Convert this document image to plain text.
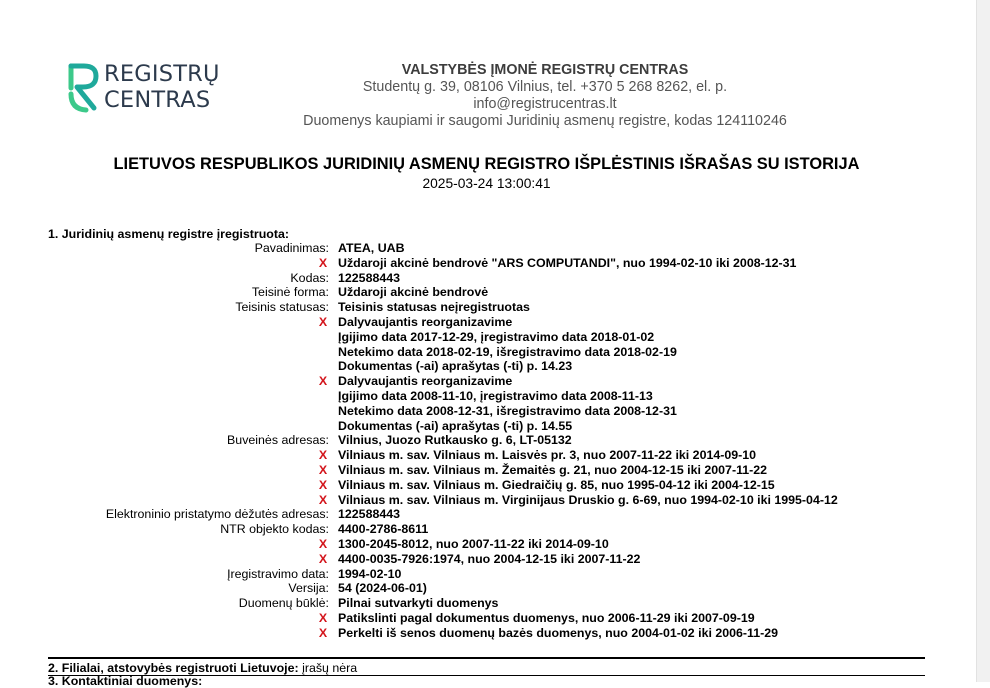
REGISTRŲ
CENTRAS
VALSTYBĖS ĮMONĖ REGISTRŲ CENTRAS
Studentų g. 39, 08106 Vilnius, tel. +370 5 268 8262, el. p. info@registrucentras.lt
Duomenys kaupiami ir saugomi Juridinių asmenų registre, kodas 124110246
LIETUVOS RESPUBLIKOS JURIDINIŲ ASMENŲ REGISTRO IŠPLĖSTINIS IŠRAŠAS SU ISTORIJA
2025-03-24 13:00:41
1. Juridinių asmenų registre įregistruota:
Pavadinimas: ATEA, UAB
X Uždaroji akcinė bendrovė "ARS COMPUTANDI", nuo 1994-02-10 iki 2008-12-31
Kodas: 122588443
Teisinė forma: Uždaroji akcinė bendrovė
Teisinis statusas: Teisinis statusas neįregistruotas
X Dalyvaujantis reorganizavime
Įgijimo data 2017-12-29, įregistravimo data 2018-01-02
Netekimo data 2018-02-19, išregistravimo data 2018-02-19
Dokumentas (-ai) aprašytas (-ti) p. 14.23
X Dalyvaujantis reorganizavime
Įgijimo data 2008-11-10, įregistravimo data 2008-11-13
Netekimo data 2008-12-31, išregistravimo data 2008-12-31
Dokumentas (-ai) aprašytas (-ti) p. 14.55
Buveinės adresas: Vilnius, Juozo Rutkausko g. 6, LT-05132
X Vilniaus m. sav. Vilniaus m. Laisvės pr. 3, nuo 2007-11-22 iki 2014-09-10
X Vilniaus m. sav. Vilniaus m. Žemaitės g. 21, nuo 2004-12-15 iki 2007-11-22
X Vilniaus m. sav. Vilniaus m. Giedraičių g. 85, nuo 1995-04-12 iki 2004-12-15
X Vilniaus m. sav. Vilniaus m. Virginijaus Druskio g. 6-69, nuo 1994-02-10 iki 1995-04-12
Elektroninio pristatymo dėžutės adresas: 122588443
NTR objekto kodas: 4400-2786-8611
X 1300-2045-8012, nuo 2007-11-22 iki 2014-09-10
X 4400-0035-7926:1974, nuo 2004-12-15 iki 2007-11-22
Įregistravimo data: 1994-02-10
Versija: 54 (2024-06-01)
Duomenų būklė: Pilnai sutvarkyti duomenys
X Patikslinti pagal dokumentus duomenys, nuo 2006-11-29 iki 2007-09-19
X Perkelti iš senos duomenų bazės duomenys, nuo 2004-01-02 iki 2006-11-29
2. Filialai, atstovybės registruoti Lietuvoje: įrašų nėra
3. Kontaktiniai duomenys:
